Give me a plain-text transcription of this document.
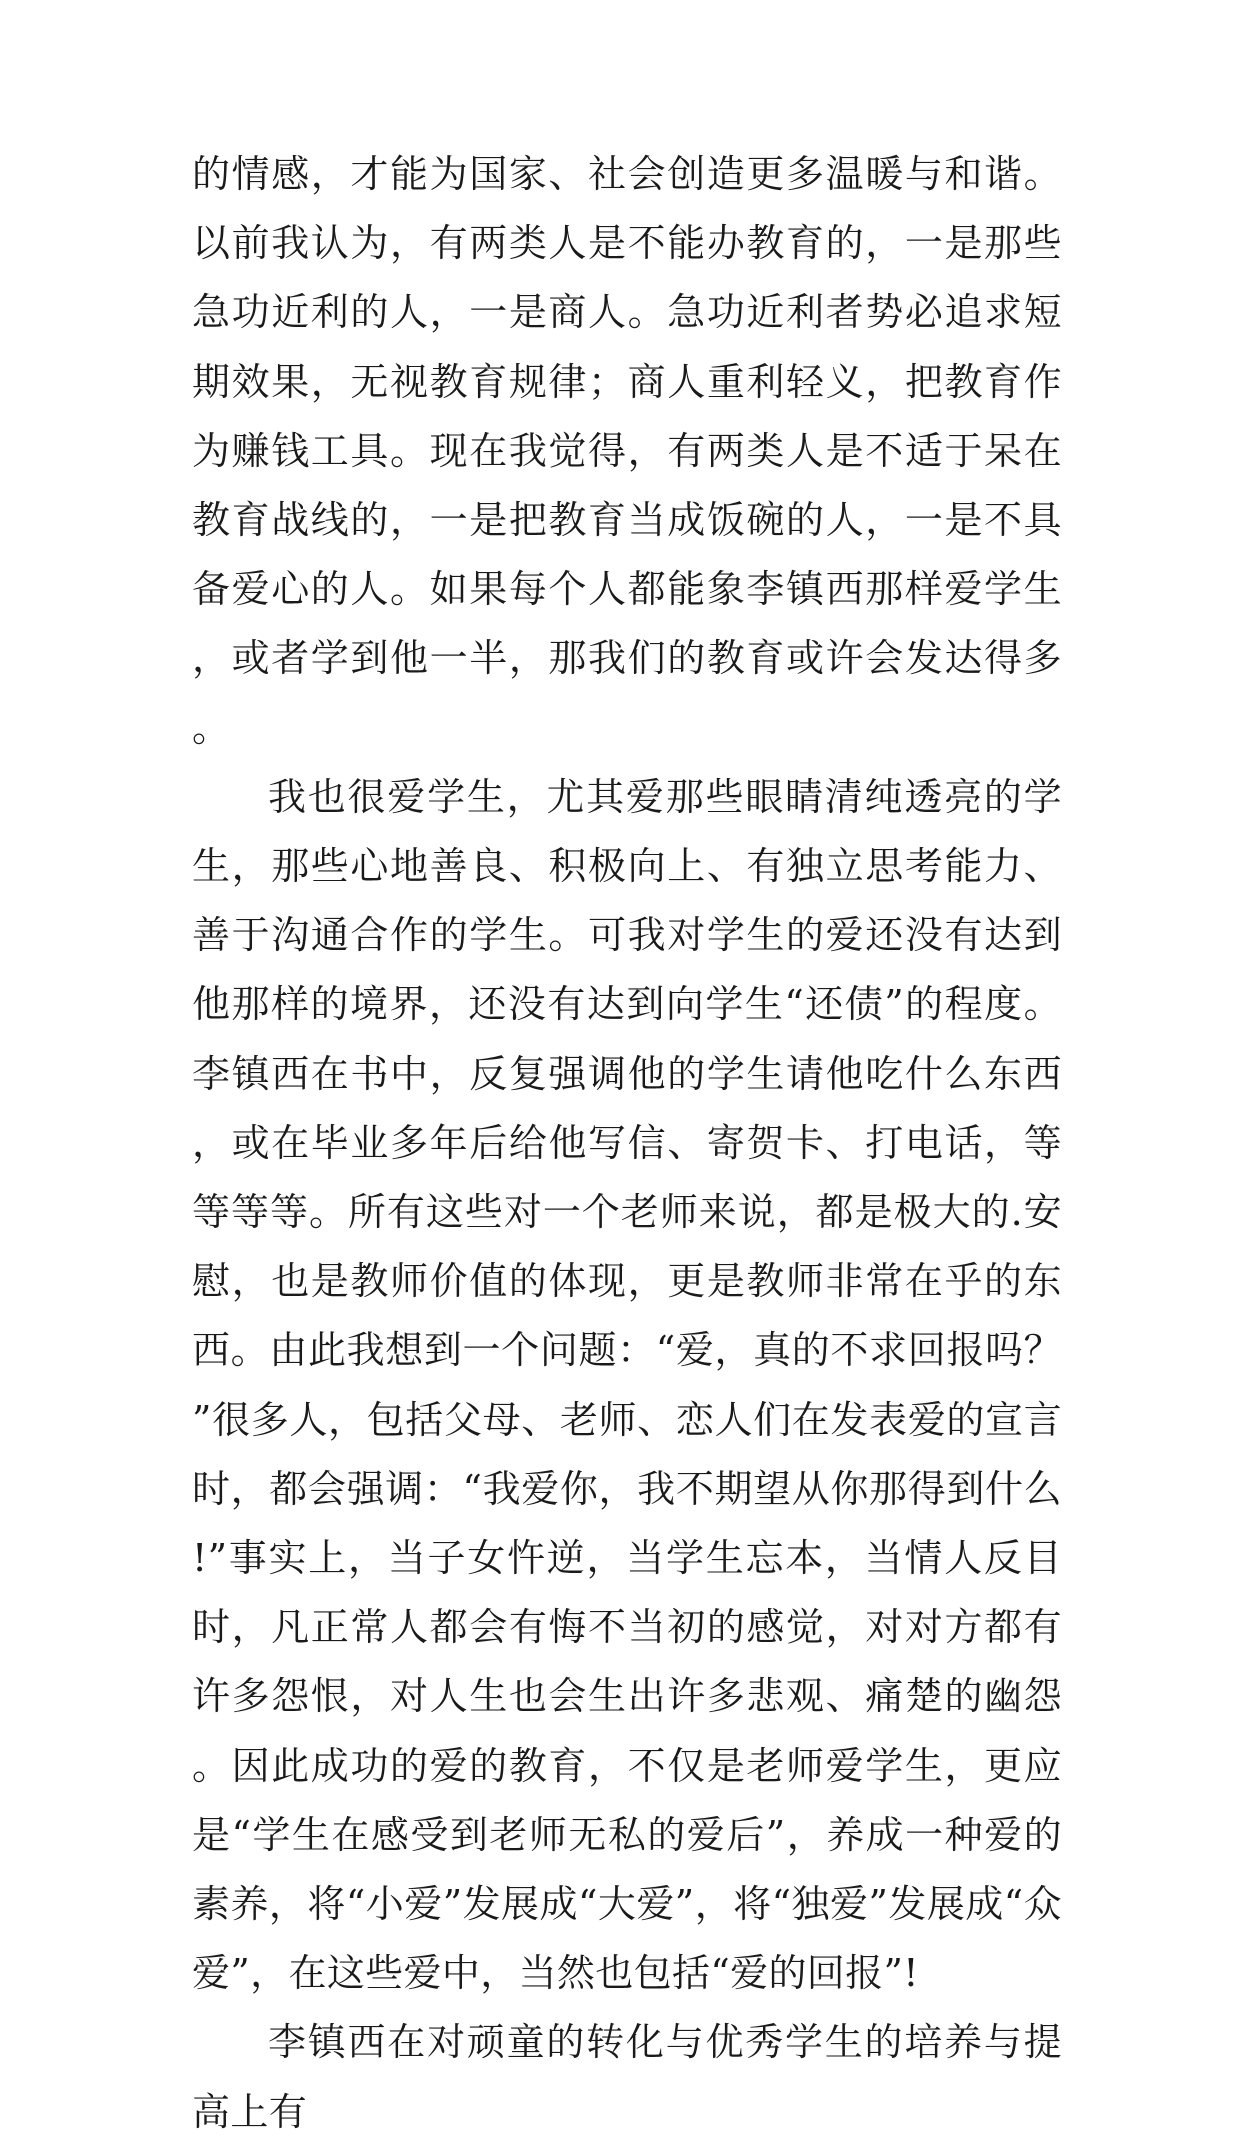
的情感，才能为国家、社会创造更多温暖与和谐。以前我认为，有两类人是不能办教育的，一是那些急功近利的人，一是商人。急功近利者势必追求短期效果，无视教育规律；商人重利轻义，把教育作为赚钱工具。现在我觉得，有两类人是不适于呆在教育战线的，一是把教育当成饭碗的人，一是不具备爱心的人。如果每个人都能象李镇西那样爱学生，或者学到他一半，那我们的教育或许会发达得多。

我也很爱学生，尤其爱那些眼睛清纯透亮的学生，那些心地善良、积极向上、有独立思考能力、善于沟通合作的学生。可我对学生的爱还没有达到他那样的境界，还没有达到向学生“还债”的程度。李镇西在书中，反复强调他的学生请他吃什么东西，或在毕业多年后给他写信、寄贺卡、打电话，等等等等。所有这些对一个老师来说，都是极大的.安慰，也是教师价值的体现，更是教师非常在乎的东西。由此我想到一个问题：“爱，真的不求回报吗？”很多人，包括父母、老师、恋人们在发表爱的宣言时，都会强调：“我爱你，我不期望从你那得到什么!”事实上，当子女忤逆，当学生忘本，当情人反目时，凡正常人都会有悔不当初的感觉，对对方都有许多怨恨，对人生也会生出许多悲观、痛楚的幽怨。因此成功的爱的教育，不仅是老师爱学生，更应是“学生在感受到老师无私的爱后”，养成一种爱的素养，将“小爱”发展成“大爱”，将“独爱”发展成“众爱”，在这些爱中，当然也包括“爱的回报”!

李镇西在对顽童的转化与优秀学生的培养与提高上有
